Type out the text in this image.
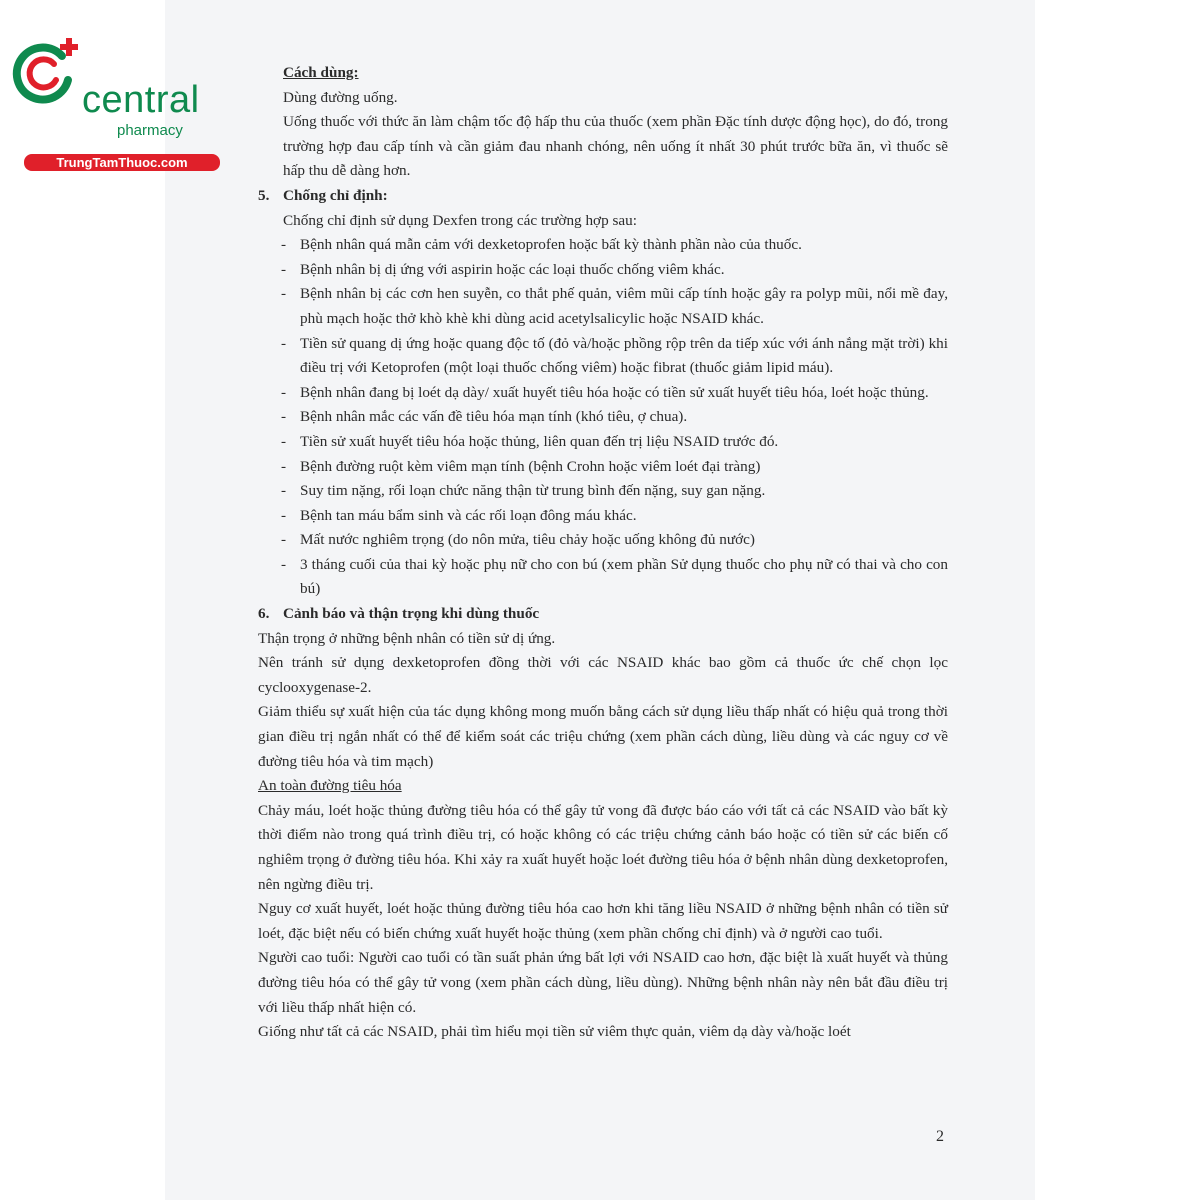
central
pharmacy
TrungTamThuoc.com

Cách dùng:

Dùng đường uống.

Uống thuốc với thức ăn làm chậm tốc độ hấp thu của thuốc (xem phần Đặc tính dược động học), do đó, trong trường hợp đau cấp tính và cần giảm đau nhanh chóng, nên uống ít nhất 30 phút trước bữa ăn, vì thuốc sẽ hấp thu dễ dàng hơn.

5. Chống chỉ định:

Chống chỉ định sử dụng Dexfen trong các trường hợp sau:

- Bệnh nhân quá mẫn cảm với dexketoprofen hoặc bất kỳ thành phần nào của thuốc.
- Bệnh nhân bị dị ứng với aspirin hoặc các loại thuốc chống viêm khác.
- Bệnh nhân bị các cơn hen suyễn, co thắt phế quản, viêm mũi cấp tính hoặc gây ra polyp mũi, nổi mề đay, phù mạch hoặc thở khò khè khi dùng acid acetylsalicylic hoặc NSAID khác.
- Tiền sử quang dị ứng hoặc quang độc tố (đỏ và/hoặc phồng rộp trên da tiếp xúc với ánh nắng mặt trời) khi điều trị với Ketoprofen (một loại thuốc chống viêm) hoặc fibrat (thuốc giảm lipid máu).
- Bệnh nhân đang bị loét dạ dày/ xuất huyết tiêu hóa hoặc có tiền sử xuất huyết tiêu hóa, loét hoặc thủng.
- Bệnh nhân mắc các vấn đề tiêu hóa mạn tính (khó tiêu, ợ chua).
- Tiền sử xuất huyết tiêu hóa hoặc thủng, liên quan đến trị liệu NSAID trước đó.
- Bệnh đường ruột kèm viêm mạn tính (bệnh Crohn hoặc viêm loét đại tràng)
- Suy tim nặng, rối loạn chức năng thận từ trung bình đến nặng, suy gan nặng.
- Bệnh tan máu bẩm sinh và các rối loạn đông máu khác.
- Mất nước nghiêm trọng (do nôn mửa, tiêu chảy hoặc uống không đủ nước)
- 3 tháng cuối của thai kỳ hoặc phụ nữ cho con bú (xem phần Sử dụng thuốc cho phụ nữ có thai và cho con bú)

6. Cảnh báo và thận trọng khi dùng thuốc

Thận trọng ở những bệnh nhân có tiền sử dị ứng.

Nên tránh sử dụng dexketoprofen đồng thời với các NSAID khác bao gồm cả thuốc ức chế chọn lọc cyclooxygenase-2.

Giảm thiểu sự xuất hiện của tác dụng không mong muốn bằng cách sử dụng liều thấp nhất có hiệu quả trong thời gian điều trị ngắn nhất có thể để kiểm soát các triệu chứng (xem phần cách dùng, liều dùng và các nguy cơ về đường tiêu hóa và tim mạch)

An toàn đường tiêu hóa

Chảy máu, loét hoặc thủng đường tiêu hóa có thể gây tử vong đã được báo cáo với tất cả các NSAID vào bất kỳ thời điểm nào trong quá trình điều trị, có hoặc không có các triệu chứng cảnh báo hoặc có tiền sử các biến cố nghiêm trọng ở đường tiêu hóa. Khi xảy ra xuất huyết hoặc loét đường tiêu hóa ở bệnh nhân dùng dexketoprofen, nên ngừng điều trị.

Nguy cơ xuất huyết, loét hoặc thủng đường tiêu hóa cao hơn khi tăng liều NSAID ở những bệnh nhân có tiền sử loét, đặc biệt nếu có biến chứng xuất huyết hoặc thủng (xem phần chống chỉ định) và ở người cao tuổi.

Người cao tuổi: Người cao tuổi có tần suất phản ứng bất lợi với NSAID cao hơn, đặc biệt là xuất huyết và thủng đường tiêu hóa có thể gây tử vong (xem phần cách dùng, liều dùng). Những bệnh nhân này nên bắt đầu điều trị với liều thấp nhất hiện có.

Giống như tất cả các NSAID, phải tìm hiểu mọi tiền sử viêm thực quản, viêm dạ dày và/hoặc loét

2
